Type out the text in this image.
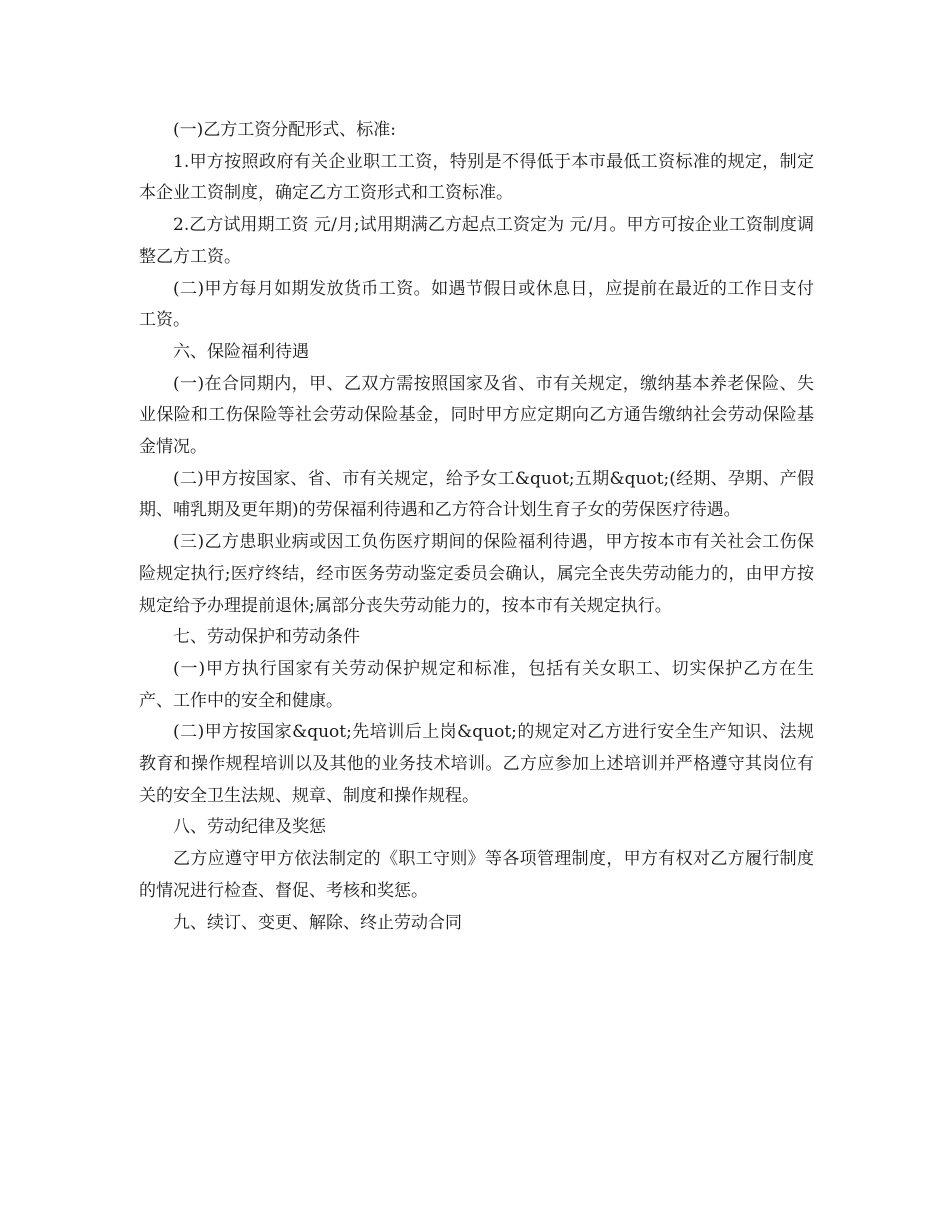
(一)乙方工资分配形式、标准:

1.甲方按照政府有关企业职工工资，特别是不得低于本市最低工资标准的规定，制定本企业工资制度，确定乙方工资形式和工资标准。

2.乙方试用期工资 元/月;试用期满乙方起点工资定为 元/月。甲方可按企业工资制度调整乙方工资。

(二)甲方每月如期发放货币工资。如遇节假日或休息日，应提前在最近的工作日支付工资。

六、保险福利待遇

(一)在合同期内，甲、乙双方需按照国家及省、市有关规定，缴纳基本养老保险、失业保险和工伤保险等社会劳动保险基金，同时甲方应定期向乙方通告缴纳社会劳动保险基金情况。

(二)甲方按国家、省、市有关规定，给予女工&quot;五期&quot;(经期、孕期、产假期、哺乳期及更年期)的劳保福利待遇和乙方符合计划生育子女的劳保医疗待遇。

(三)乙方患职业病或因工负伤医疗期间的保险福利待遇，甲方按本市有关社会工伤保险规定执行;医疗终结，经市医务劳动鉴定委员会确认，属完全丧失劳动能力的，由甲方按规定给予办理提前退休;属部分丧失劳动能力的，按本市有关规定执行。

七、劳动保护和劳动条件

(一)甲方执行国家有关劳动保护规定和标准，包括有关女职工、切实保护乙方在生产、工作中的安全和健康。

(二)甲方按国家&quot;先培训后上岗&quot;的规定对乙方进行安全生产知识、法规教育和操作规程培训以及其他的业务技术培训。乙方应参加上述培训并严格遵守其岗位有关的安全卫生法规、规章、制度和操作规程。

八、劳动纪律及奖惩

乙方应遵守甲方依法制定的《职工守则》等各项管理制度，甲方有权对乙方履行制度的情况进行检查、督促、考核和奖惩。

九、续订、变更、解除、终止劳动合同
